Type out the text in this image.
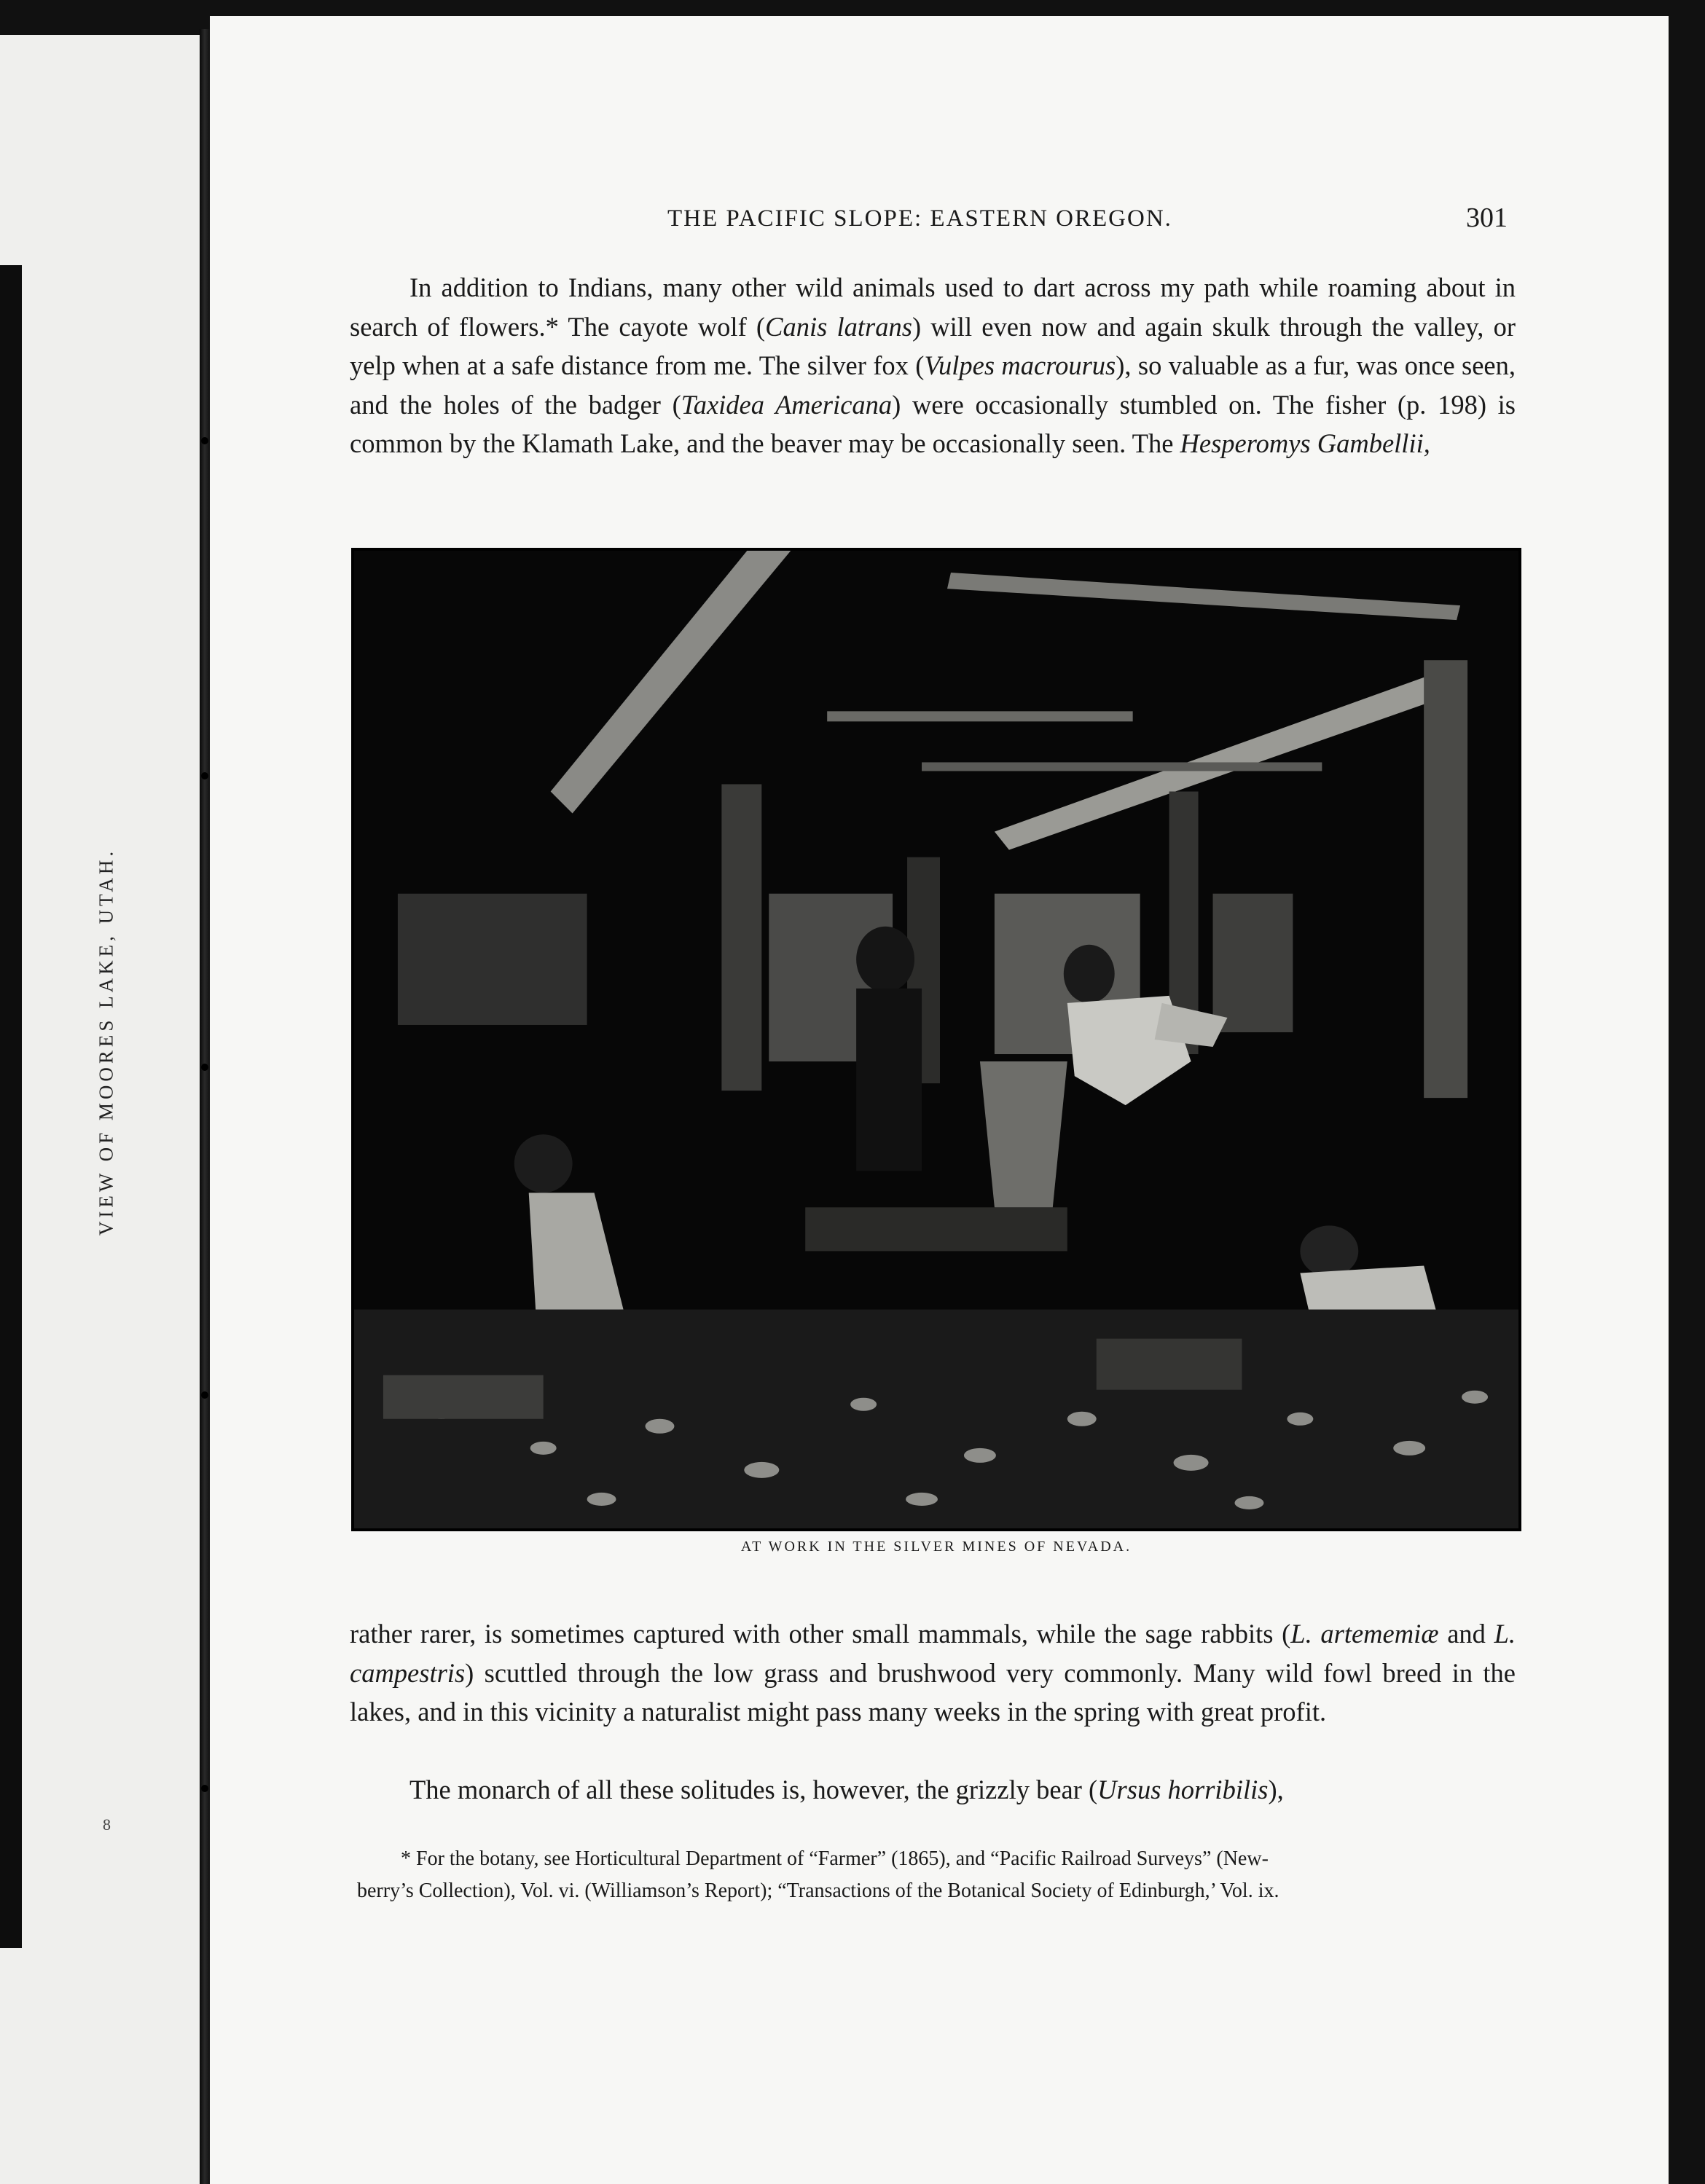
VIEW OF MOORES LAKE, UTAH.
8
THE PACIFIC SLOPE: EASTERN OREGON.	301

In addition to Indians, many other wild animals used to dart across my path while roaming about in search of flowers.* The cayote wolf (Canis latrans) will even now and again skulk through the valley, or yelp when at a safe distance from me. The silver fox (Vulpes macrourus), so valuable as a fur, was once seen, and the holes of the badger (Taxidea Americana) were occasionally stumbled on. The fisher (p. 198) is common by the Klamath Lake, and the beaver may be occasionally seen. The Hesperomys Gambellii,

AT WORK IN THE SILVER MINES OF NEVADA.

rather rarer, is sometimes captured with other small mammals, while the sage rabbits (L. artememiæ and L. campestris) scuttled through the low grass and brushwood very commonly. Many wild fowl breed in the lakes, and in this vicinity a naturalist might pass many weeks in the spring with great profit.

The monarch of all these solitudes is, however, the grizzly bear (Ursus horribilis),

* For the botany, see Horticultural Department of “Farmer” (1865), and “Pacific Railroad Surveys” (New-

berry’s Collection), Vol. vi. (Williamson’s Report); “Transactions of the Botanical Society of Edinburgh,’ Vol. ix.
